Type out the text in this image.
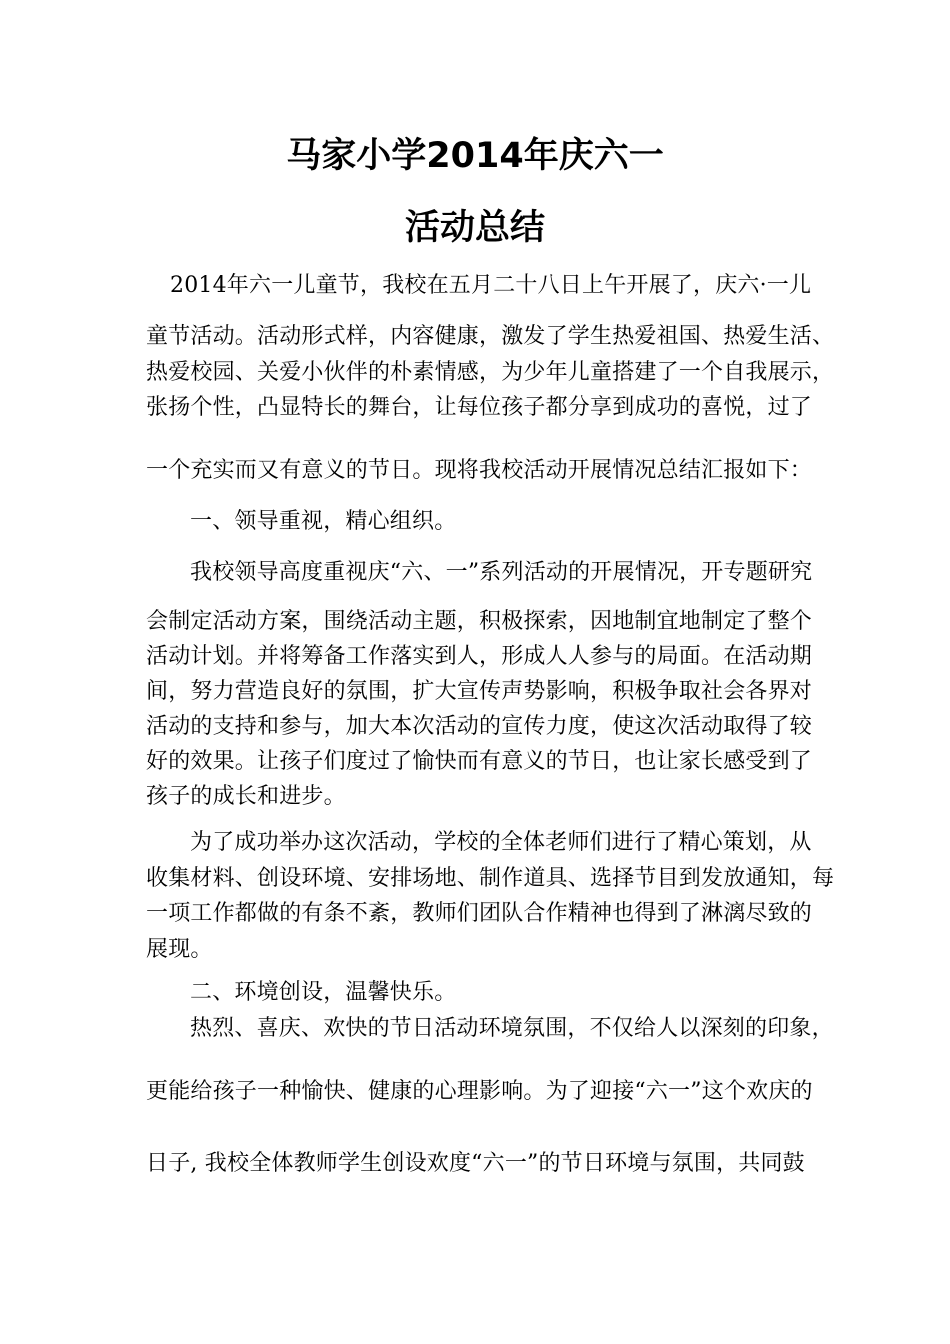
马家小学2014年庆六一
活动总结
2014年六一儿童节，我校在五月二十八日上午开展了，庆六·一儿
童节活动。活动形式样，内容健康，激发了学生热爱祖国、热爱生活、
热爱校园、关爱小伙伴的朴素情感，为少年儿童搭建了一个自我展示，
张扬个性，凸显特长的舞台，让每位孩子都分享到成功的喜悦，过了
一个充实而又有意义的节日。现将我校活动开展情况总结汇报如下：
一、领导重视，精心组织。
我校领导高度重视庆“六、一”系列活动的开展情况，开专题研究
会制定活动方案，围绕活动主题，积极探索，因地制宜地制定了整个
活动计划。并将筹备工作落实到人，形成人人参与的局面。在活动期
间，努力营造良好的氛围，扩大宣传声势影响，积极争取社会各界对
活动的支持和参与，加大本次活动的宣传力度，使这次活动取得了较
好的效果。让孩子们度过了愉快而有意义的节日，也让家长感受到了
孩子的成长和进步。
为了成功举办这次活动，学校的全体老师们进行了精心策划，从
收集材料、创设环境、安排场地、制作道具、选择节目到发放通知，每
一项工作都做的有条不紊，教师们团队合作精神也得到了淋漓尽致的
展现。
二、环境创设，温馨快乐。
热烈、喜庆、欢快的节日活动环境氛围，不仅给人以深刻的印象，
更能给孩子一种愉快、健康的心理影响。为了迎接“六一”这个欢庆的
日子, 我校全体教师学生创设欢度“六一”的节日环境与氛围，共同鼓
